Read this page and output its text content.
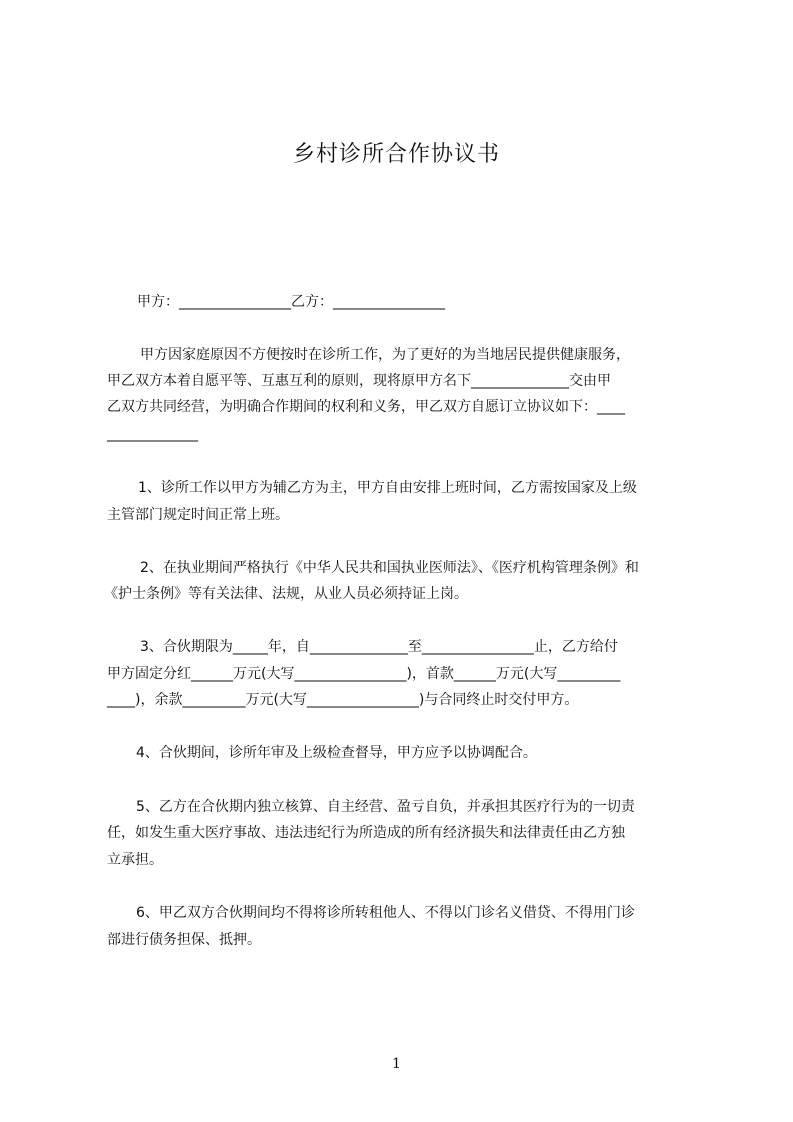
乡村诊所合作协议书
甲方：________________乙方：________________
甲方因家庭原因不方便按时在诊所工作，为了更好的为当地居民提供健康服务，
甲乙双方本着自愿平等、互惠互利的原则，现将原甲方名下______________交由甲
乙双方共同经营，为明确合作期间的权利和义务，甲乙双方自愿订立协议如下：____
_____________
1、诊所工作以甲方为辅乙方为主，甲方自由安排上班时间，乙方需按国家及上级
主管部门规定时间正常上班。
2、在执业期间严格执行《中华人民共和国执业医师法》、《医疗机构管理条例》和
《护士条例》等有关法律、法规，从业人员必须持证上岗。
3、合伙期限为_____年，自______________至________________止，乙方给付
甲方固定分红______万元(大写________________)，首款______万元(大写_________
____)，余款_________万元(大写________________)与合同终止时交付甲方。
4、合伙期间，诊所年审及上级检查督导，甲方应予以协调配合。
5、乙方在合伙期内独立核算、自主经营、盈亏自负，并承担其医疗行为的一切责
任，如发生重大医疗事故、违法违纪行为所造成的所有经济损失和法律责任由乙方独
立承担。
6、甲乙双方合伙期间均不得将诊所转租他人、不得以门诊名义借贷、不得用门诊
部进行债务担保、抵押。
1
